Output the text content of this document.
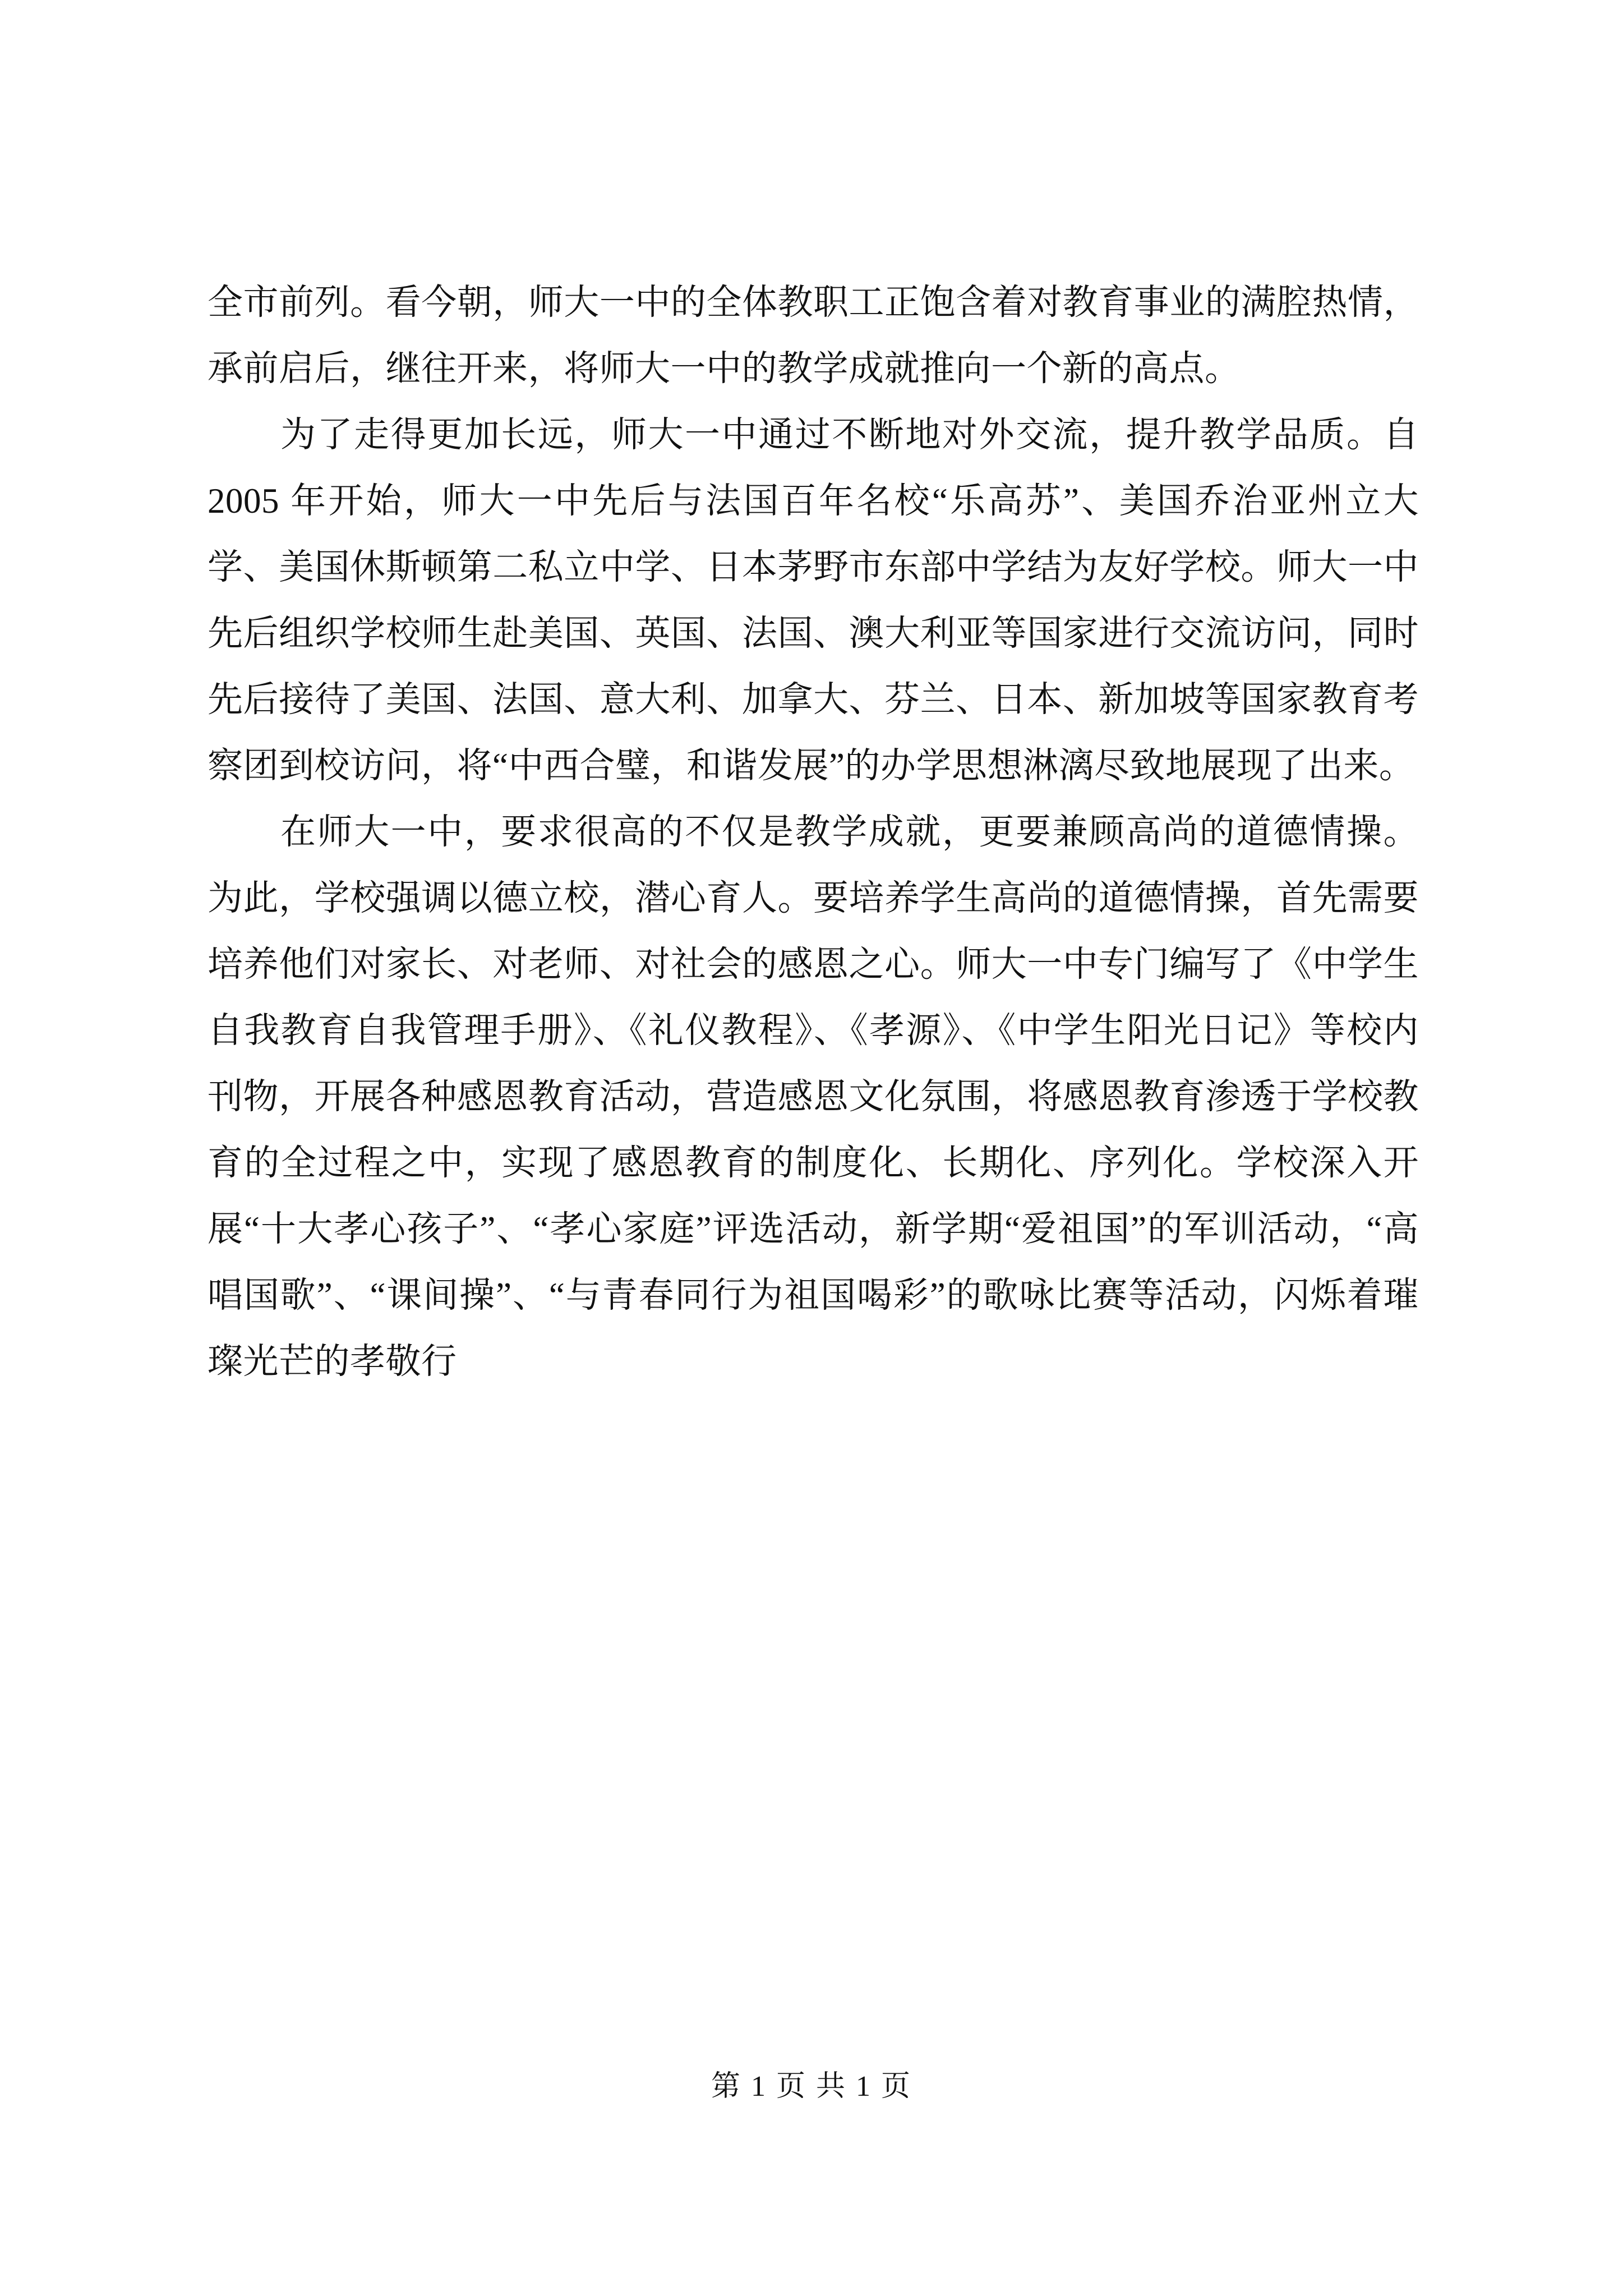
全市前列。看今朝，师大一中的全体教职工正饱含着对教育事业的满腔热情，承前启后，继往开来，将师大一中的教学成就推向一个新的高点。

为了走得更加长远，师大一中通过不断地对外交流，提升教学品质。自 2005 年开始，师大一中先后与法国百年名校“乐高苏”、美国乔治亚州立大学、美国休斯顿第二私立中学、日本茅野市东部中学结为友好学校。师大一中先后组织学校师生赴美国、英国、法国、澳大利亚等国家进行交流访问，同时先后接待了美国、法国、意大利、加拿大、芬兰、日本、新加坡等国家教育考察团到校访问，将“中西合璧，和谐发展”的办学思想淋漓尽致地展现了出来。

在师大一中，要求很高的不仅是教学成就，更要兼顾高尚的道德情操。为此，学校强调以德立校，潜心育人。要培养学生高尚的道德情操，首先需要培养他们对家长、对老师、对社会的感恩之心。师大一中专门编写了《中学生自我教育自我管理手册》、《礼仪教程》、《孝源》、《中学生阳光日记》等校内刊物，开展各种感恩教育活动，营造感恩文化氛围，将感恩教育渗透于学校教育的全过程之中，实现了感恩教育的制度化、长期化、序列化。学校深入开展“十大孝心孩子”、“孝心家庭”评选活动，新学期“爱祖国”的军训活动，“高唱国歌”、“课间操”、“与青春同行为祖国喝彩”的歌咏比赛等活动，闪烁着璀璨光芒的孝敬行

第 1 页 共 1 页
